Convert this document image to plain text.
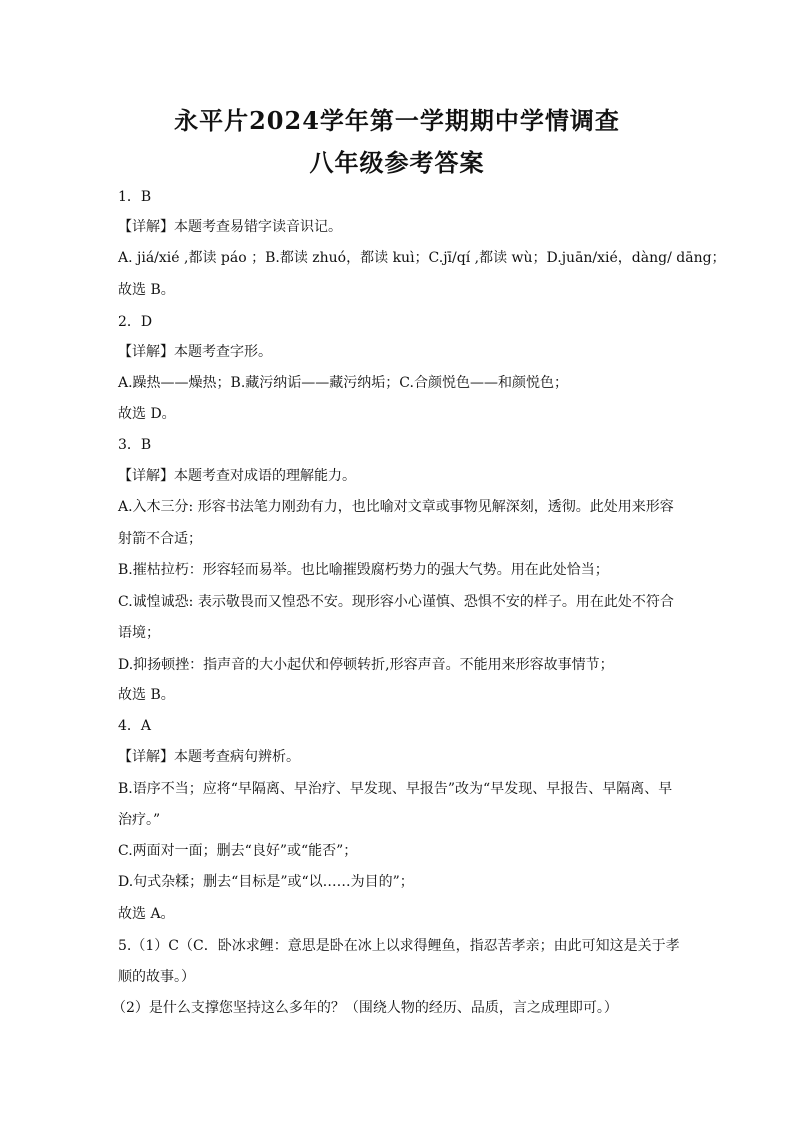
永平片2024学年第一学期期中学情调查
八年级参考答案
1．B
【详解】本题考查易错字读音识记。
A. jiá/xié ,都读 páo ；B.都读 zhuó，都读 kuì；C.jī/qí ,都读 wù；D.juān/xié，dàng/ dāng；
故选 B。
2．D
【详解】本题考查字形。
A.躁热——燥热；B.藏污纳诟——藏污纳垢；C.合颜悦色——和颜悦色；
故选 D。
3．B
【详解】本题考查对成语的理解能力。
A.入木三分: 形容书法笔力刚劲有力，也比喻对文章或事物见解深刻，透彻。此处用来形容
射箭不合适；
B.摧枯拉朽：形容轻而易举。也比喻摧毁腐朽势力的强大气势。用在此处恰当；
C.诚惶诚恐: 表示敬畏而又惶恐不安。现形容小心谨慎、恐惧不安的样子。用在此处不符合
语境；
D.抑扬顿挫：指声音的大小起伏和停顿转折,形容声音。不能用来形容故事情节；
故选 B。
4．A
【详解】本题考查病句辨析。
B.语序不当；应将“早隔离、早治疗、早发现、早报告”改为“早发现、早报告、早隔离、早
治疗。”
C.两面对一面；删去“良好”或“能否”；
D.句式杂糅；删去“目标是”或“以……为目的”；
故选 A。
5.（1）C（C．卧冰求鲤：意思是卧在冰上以求得鲤鱼，指忍苦孝亲；由此可知这是关于孝
顺的故事。）
（2）是什么支撑您坚持这么多年的？（围绕人物的经历、品质，言之成理即可。）
